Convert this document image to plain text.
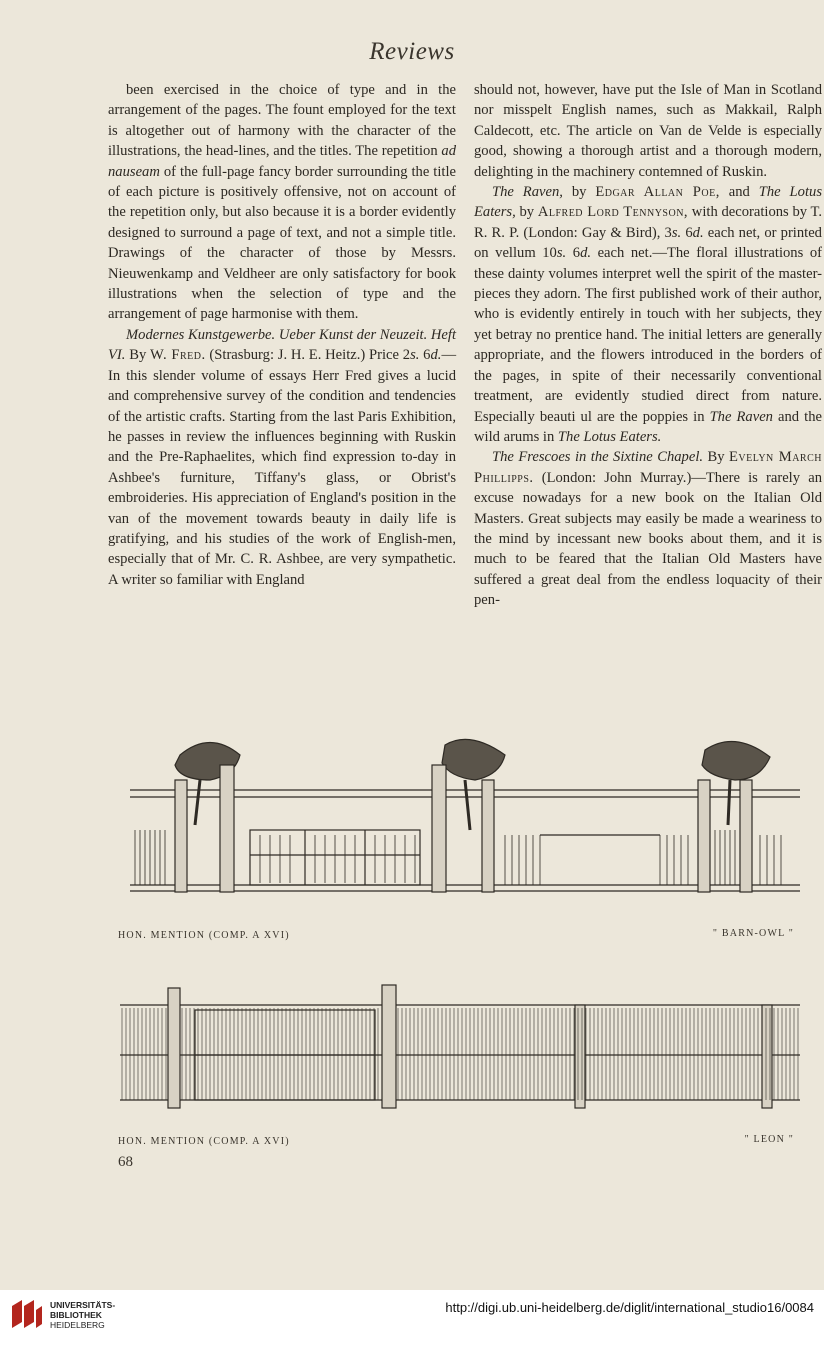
Reviews

been exercised in the choice of type and in the arrangement of the pages. The fount employed for the text is altogether out of harmony with the character of the illustrations, the head-lines, and the titles. The repetition ad nauseam of the full-page fancy border surrounding the title of each picture is positively offensive, not on account of the repetition only, but also because it is a border evidently designed to surround a page of text, and not a simple title. Drawings of the character of those by Messrs. Nieuwenkamp and Veldheer are only satisfactory for book illustrations when the selection of type and the arrangement of page harmonise with them.

Modernes Kunstgewerbe. Ueber Kunst der Neuzeit. Heft VI. By W. Fred. (Strasburg: J. H. E. Heitz.) Price 2s. 6d.—In this slender volume of essays Herr Fred gives a lucid and comprehensive survey of the condition and tendencies of the artistic crafts. Starting from the last Paris Exhibition, he passes in review the influences beginning with Ruskin and the Pre-Raphaelites, which find expression to-day in Ashbee's furniture, Tiffany's glass, or Obrist's embroideries. His appreciation of England's position in the van of the movement towards beauty in daily life is gratifying, and his studies of the work of English-men, especially that of Mr. C. R. Ashbee, are very sympathetic. A writer so familiar with England

should not, however, have put the Isle of Man in Scotland nor misspelt English names, such as Makkail, Ralph Caldecott, etc. The article on Van de Velde is especially good, showing a thorough artist and a thorough modern, delighting in the machinery contemned of Ruskin.

The Raven, by Edgar Allan Poe, and The Lotus Eaters, by Alfred Lord Tennyson, with decorations by T. R. R. P. (London: Gay & Bird), 3s. 6d. each net, or printed on vellum 10s. 6d. each net.—The floral illustrations of these dainty volumes interpret well the spirit of the master-pieces they adorn. The first published work of their author, who is evidently entirely in touch with her subjects, they yet betray no prentice hand. The initial letters are generally appropriate, and the flowers introduced in the borders of the pages, in spite of their necessarily conventional treatment, are evidently studied direct from nature. Especially beauti ul are the poppies in The Raven and the wild arums in The Lotus Eaters.

The Frescoes in the Sixtine Chapel. By Evelyn March Phillipps. (London: John Murray.)—There is rarely an excuse nowadays for a new book on the Italian Old Masters. Great subjects may easily be made a weariness to the mind by incessant new books about them, and it is much to be feared that the Italian Old Masters have suffered a great deal from the endless loquacity of their pen-

HON. MENTION (COMP. A XVI)	" BARN-OWL "
HON. MENTION (COMP. A XVI)	" LEON "
68
UNIVERSITÄTS-
BIBLIOTHEK
HEIDELBERG
http://digi.ub.uni-heidelberg.de/diglit/international_studio16/0084
